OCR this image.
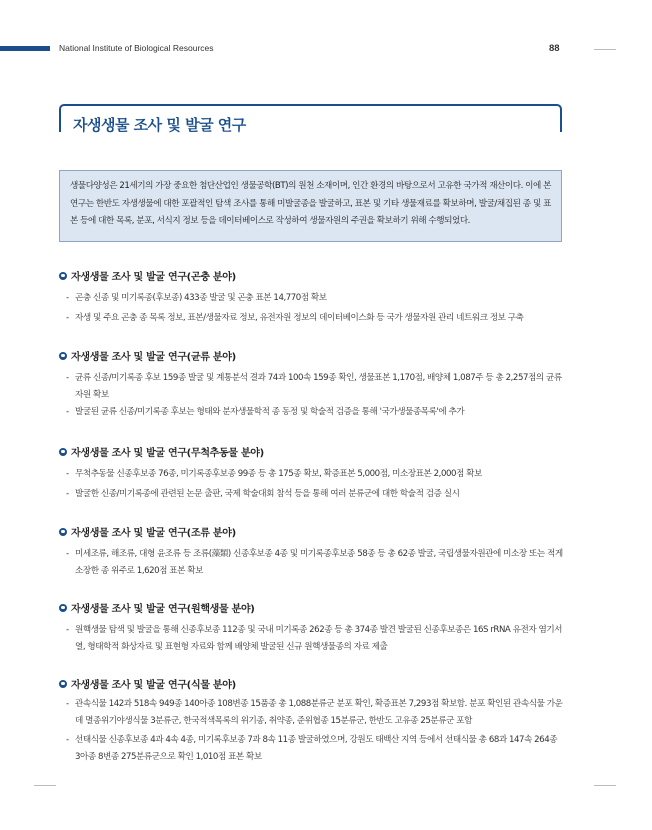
National Institute of Biological Resources	88
자생생물 조사 및 발굴 연구
생물다양성은 21세기의 가장 중요한 첨단산업인 생물공학(BT)의 원천 소재이며, 인간 환경의 바탕으로서 고유한 국가적 재산이다. 이에 본 연구는 한반도 자생생물에 대한 포괄적인 탐색 조사를 통해 미발굴종을 발굴하고, 표본 및 기타 생물재료를 확보하며, 발굴/채집된 종 및 표본 등에 대한 목록, 분포, 서식지 정보 등을 데이터베이스로 작성하여 생물자원의 주권을 확보하기 위해 수행되었다.
자생생물 조사 및 발굴 연구(곤충 분야)
- 곤충 신종 및 미기록종(후보종) 433종 발굴 및 곤충 표본 14,770점 확보
- 자생 및 주요 곤충 종 목록 정보, 표본/생물자료 정보, 유전자원 정보의 데이터베이스화 등 국가 생물자원 관리 네트워크 정보 구축
자생생물 조사 및 발굴 연구(균류 분야)
- 균류 신종/미기록종 후보 159종 발굴 및 계통분석 결과 74과 100속 159종 확인, 생물표본 1,170점, 배양체 1,087주 등 총 2,257점의 균류자원 확보
- 발굴된 균류 신종/미기록종 후보는 형태와 분자생물학적 종 동정 및 학술적 검증을 통해 '국가생물종목록'에 추가
자생생물 조사 및 발굴 연구(무척추동물 분야)
- 무척추동물 신종후보종 76종, 미기록종후보종 99종 등 총 175종 확보, 확증표본 5,000점, 미소장표본 2,000점 확보
- 발굴한 신종/미기록종에 관련된 논문 출판, 국제 학술대회 참석 등을 통해 여러 분류군에 대한 학술적 검증 실시
자생생물 조사 및 발굴 연구(조류 분야)
- 미세조류, 해조류, 대형 윤조류 등 조류(藻類) 신종후보종 4종 및 미기록종후보종 58종 등 총 62종 발굴, 국립생물자원관에 미소장 또는 적게 소장한 종 위주로 1,620점 표본 확보
자생생물 조사 및 발굴 연구(원핵생물 분야)
- 원핵생물 탐색 및 발굴을 통해 신종후보종 112종 및 국내 미기록종 262종 등 총 374종 발견 발굴된 신종후보종은 16S rRNA 유전자 염기서열, 형태학적 화상자료 및 표현형 자료와 함께 배양체 발굴된 신규 원핵생물종의 자료 제출
자생생물 조사 및 발굴 연구(식물 분야)
- 관속식물 142과 518속 949종 140아종 108변종 15품종 총 1,088분류군 분포 확인, 확증표본 7,293점 확보함. 분포 확인된 관속식물 가운데 멸종위기야생식물 3분류군, 한국적색목록의 위기종, 취약종, 준위협종 15분류군, 한반도 고유종 25분류군 포함
- 선태식물 신종후보종 4과 4속 4종, 미기록후보종 7과 8속 11종 발굴하였으며, 강원도 태백산 지역 등에서 선태식물 총 68과 147속 264종 3아종 8변종 275분류군으로 확인 1,010점 표본 확보
